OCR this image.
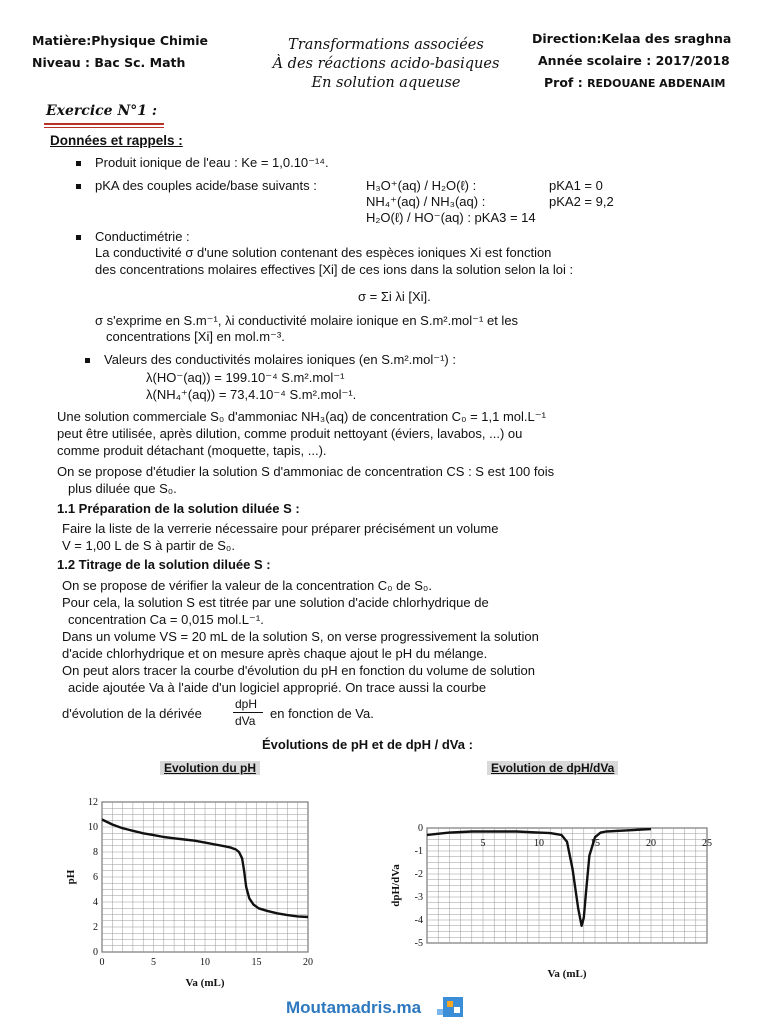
Matière:Physique Chimie
Niveau : Bac Sc. Math
Transformations associées
À des réactions acido-basiques
En solution aqueuse
Direction:Kelaa des sraghna
Année scolaire : 2017/2018
Prof : REDOUANE ABDENAIM
Exercice N°1 :
Données et rappels :
Produit ionique de l'eau : Ke = 1,0.10⁻¹⁴.
pKA des couples acide/base suivants :	H₃O⁺(aq) / H₂O(ℓ) :	pKA1 = 0
NH₄⁺(aq) / NH₃(aq) :	pKA2 = 9,2
H₂O(ℓ) / HO⁻(aq) : pKA3 = 14
Conductimétrie :
La conductivité σ d'une solution contenant des espèces ioniques Xi est fonction
des concentrations molaires effectives [Xi] de ces ions dans la solution selon la loi :
σ = Σi λi [Xi].
σ s'exprime en S.m⁻¹, λi conductivité molaire ionique en S.m².mol⁻¹ et les
concentrations [Xi] en mol.m⁻³.
Valeurs des conductivités molaires ioniques (en S.m².mol⁻¹) :
λ(HO⁻(aq)) = 199.10⁻⁴ S.m².mol⁻¹
λ(NH₄⁺(aq)) = 73,4.10⁻⁴ S.m².mol⁻¹.
Une solution commerciale S₀ d'ammoniac NH₃(aq) de concentration C₀ = 1,1 mol.L⁻¹
peut être utilisée, après dilution, comme produit nettoyant (éviers, lavabos, ...) ou
comme produit détachant (moquette, tapis, ...).
On se propose d'étudier la solution S d'ammoniac de concentration CS : S est 100 fois
plus diluée que S₀.
1.1 Préparation de la solution diluée S :
Faire la liste de la verrerie nécessaire pour préparer précisément un volume
V = 1,00 L de S à partir de S₀.
1.2 Titrage de la solution diluée S :
On se propose de vérifier la valeur de la concentration C₀ de S₀.
Pour cela, la solution S est titrée par une solution d'acide chlorhydrique de
concentration Ca = 0,015 mol.L⁻¹.
Dans un volume VS = 20 mL de la solution S, on verse progressivement la solution
d'acide chlorhydrique et on mesure après chaque ajout le pH du mélange.
On peut alors tracer la courbe d'évolution du pH en fonction du volume de solution
acide ajoutée Va à l'aide d'un logiciel approprié. On trace aussi la courbe
d'évolution de la dérivée
dpH
dVa en fonction de Va.
Évolutions de pH et de dpH / dVa :
Evolution du pH
0	5	10	15	20
0
2
4
6
8
10
12
Va (mL)
pH
Evolution de dpH/dVa
5	10	15	20	25
0
-1
-2
-3
-4
-5
Va (mL)
dpH/dVa
Moutamadris.ma
